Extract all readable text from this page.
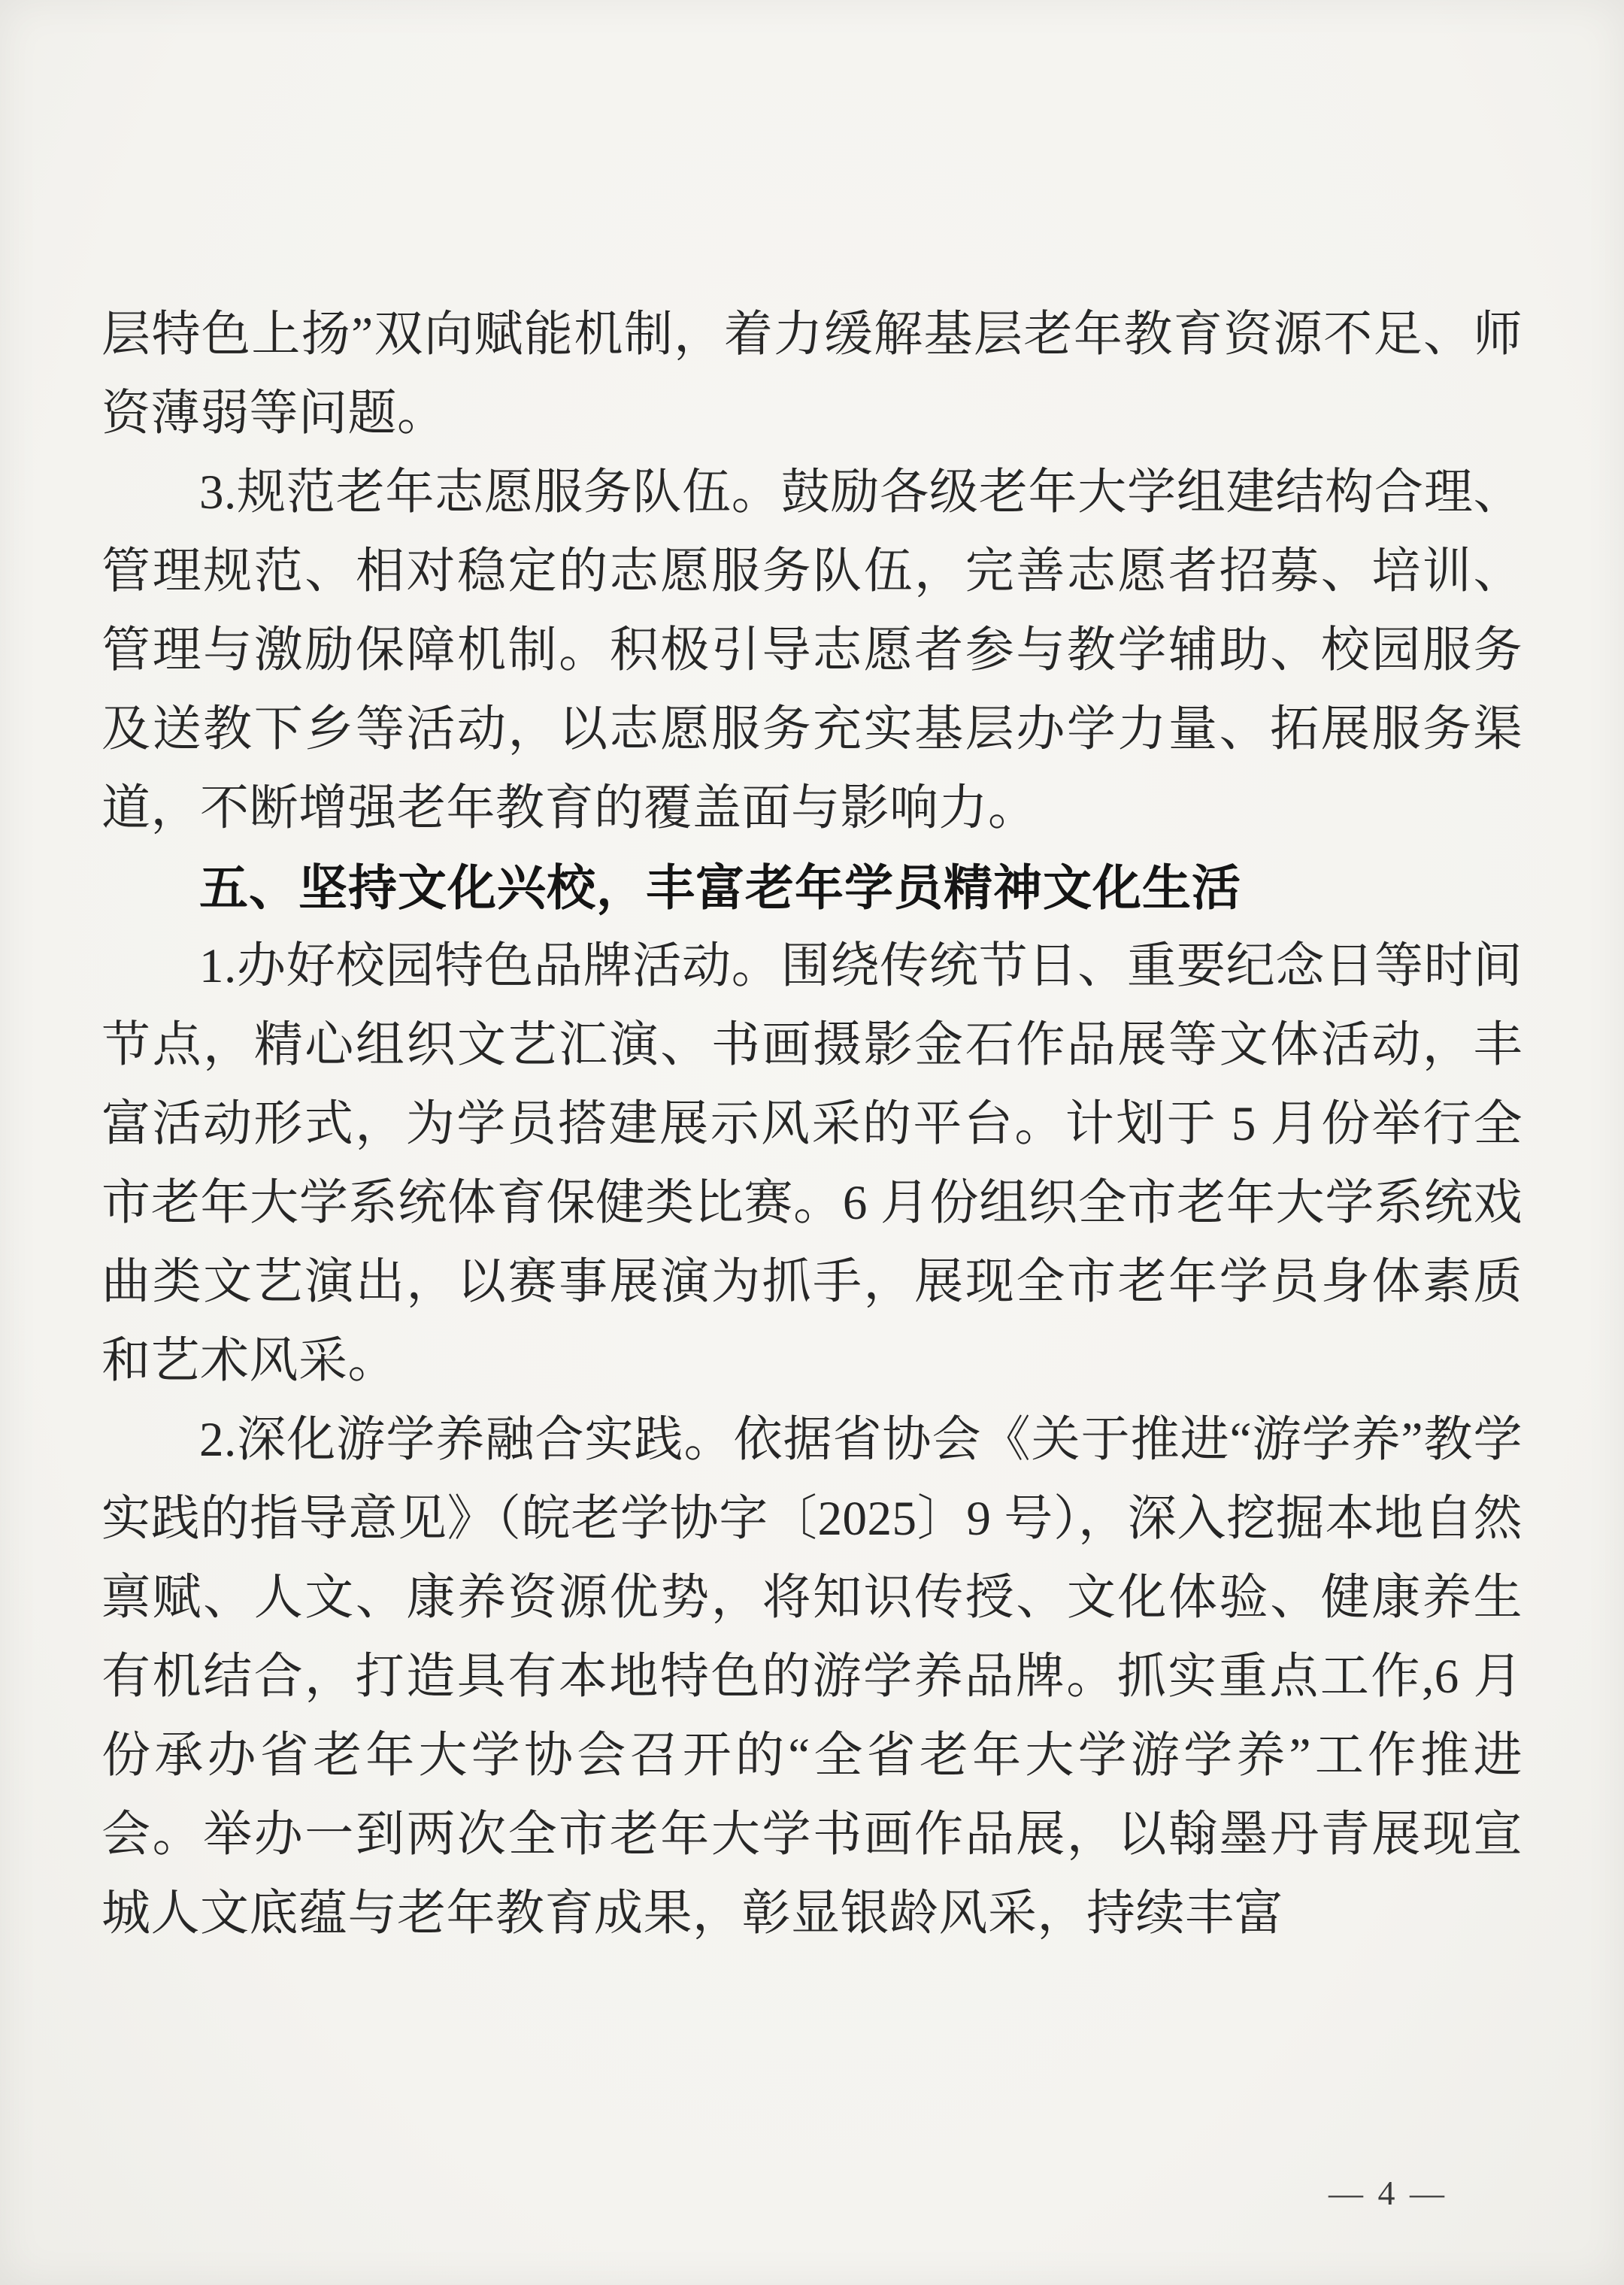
层特色上扬”双向赋能机制，着力缓解基层老年教育资源不足、师资薄弱等问题。

3.规范老年志愿服务队伍。鼓励各级老年大学组建结构合理、管理规范、相对稳定的志愿服务队伍，完善志愿者招募、培训、管理与激励保障机制。积极引导志愿者参与教学辅助、校园服务及送教下乡等活动，以志愿服务充实基层办学力量、拓展服务渠道，不断增强老年教育的覆盖面与影响力。

五、坚持文化兴校，丰富老年学员精神文化生活

1.办好校园特色品牌活动。围绕传统节日、重要纪念日等时间节点，精心组织文艺汇演、书画摄影金石作品展等文体活动，丰富活动形式，为学员搭建展示风采的平台。计划于 5 月份举行全市老年大学系统体育保健类比赛。6 月份组织全市老年大学系统戏曲类文艺演出，以赛事展演为抓手，展现全市老年学员身体素质和艺术风采。

2.深化游学养融合实践。依据省协会《关于推进“游学养”教学实践的指导意见》（皖老学协字〔2025〕9 号），深入挖掘本地自然禀赋、人文、康养资源优势，将知识传授、文化体验、健康养生有机结合，打造具有本地特色的游学养品牌。抓实重点工作,6 月份承办省老年大学协会召开的“全省老年大学游学养”工作推进会。举办一到两次全市老年大学书画作品展，以翰墨丹青展现宣城人文底蕴与老年教育成果，彰显银龄风采，持续丰富

— 4 —
